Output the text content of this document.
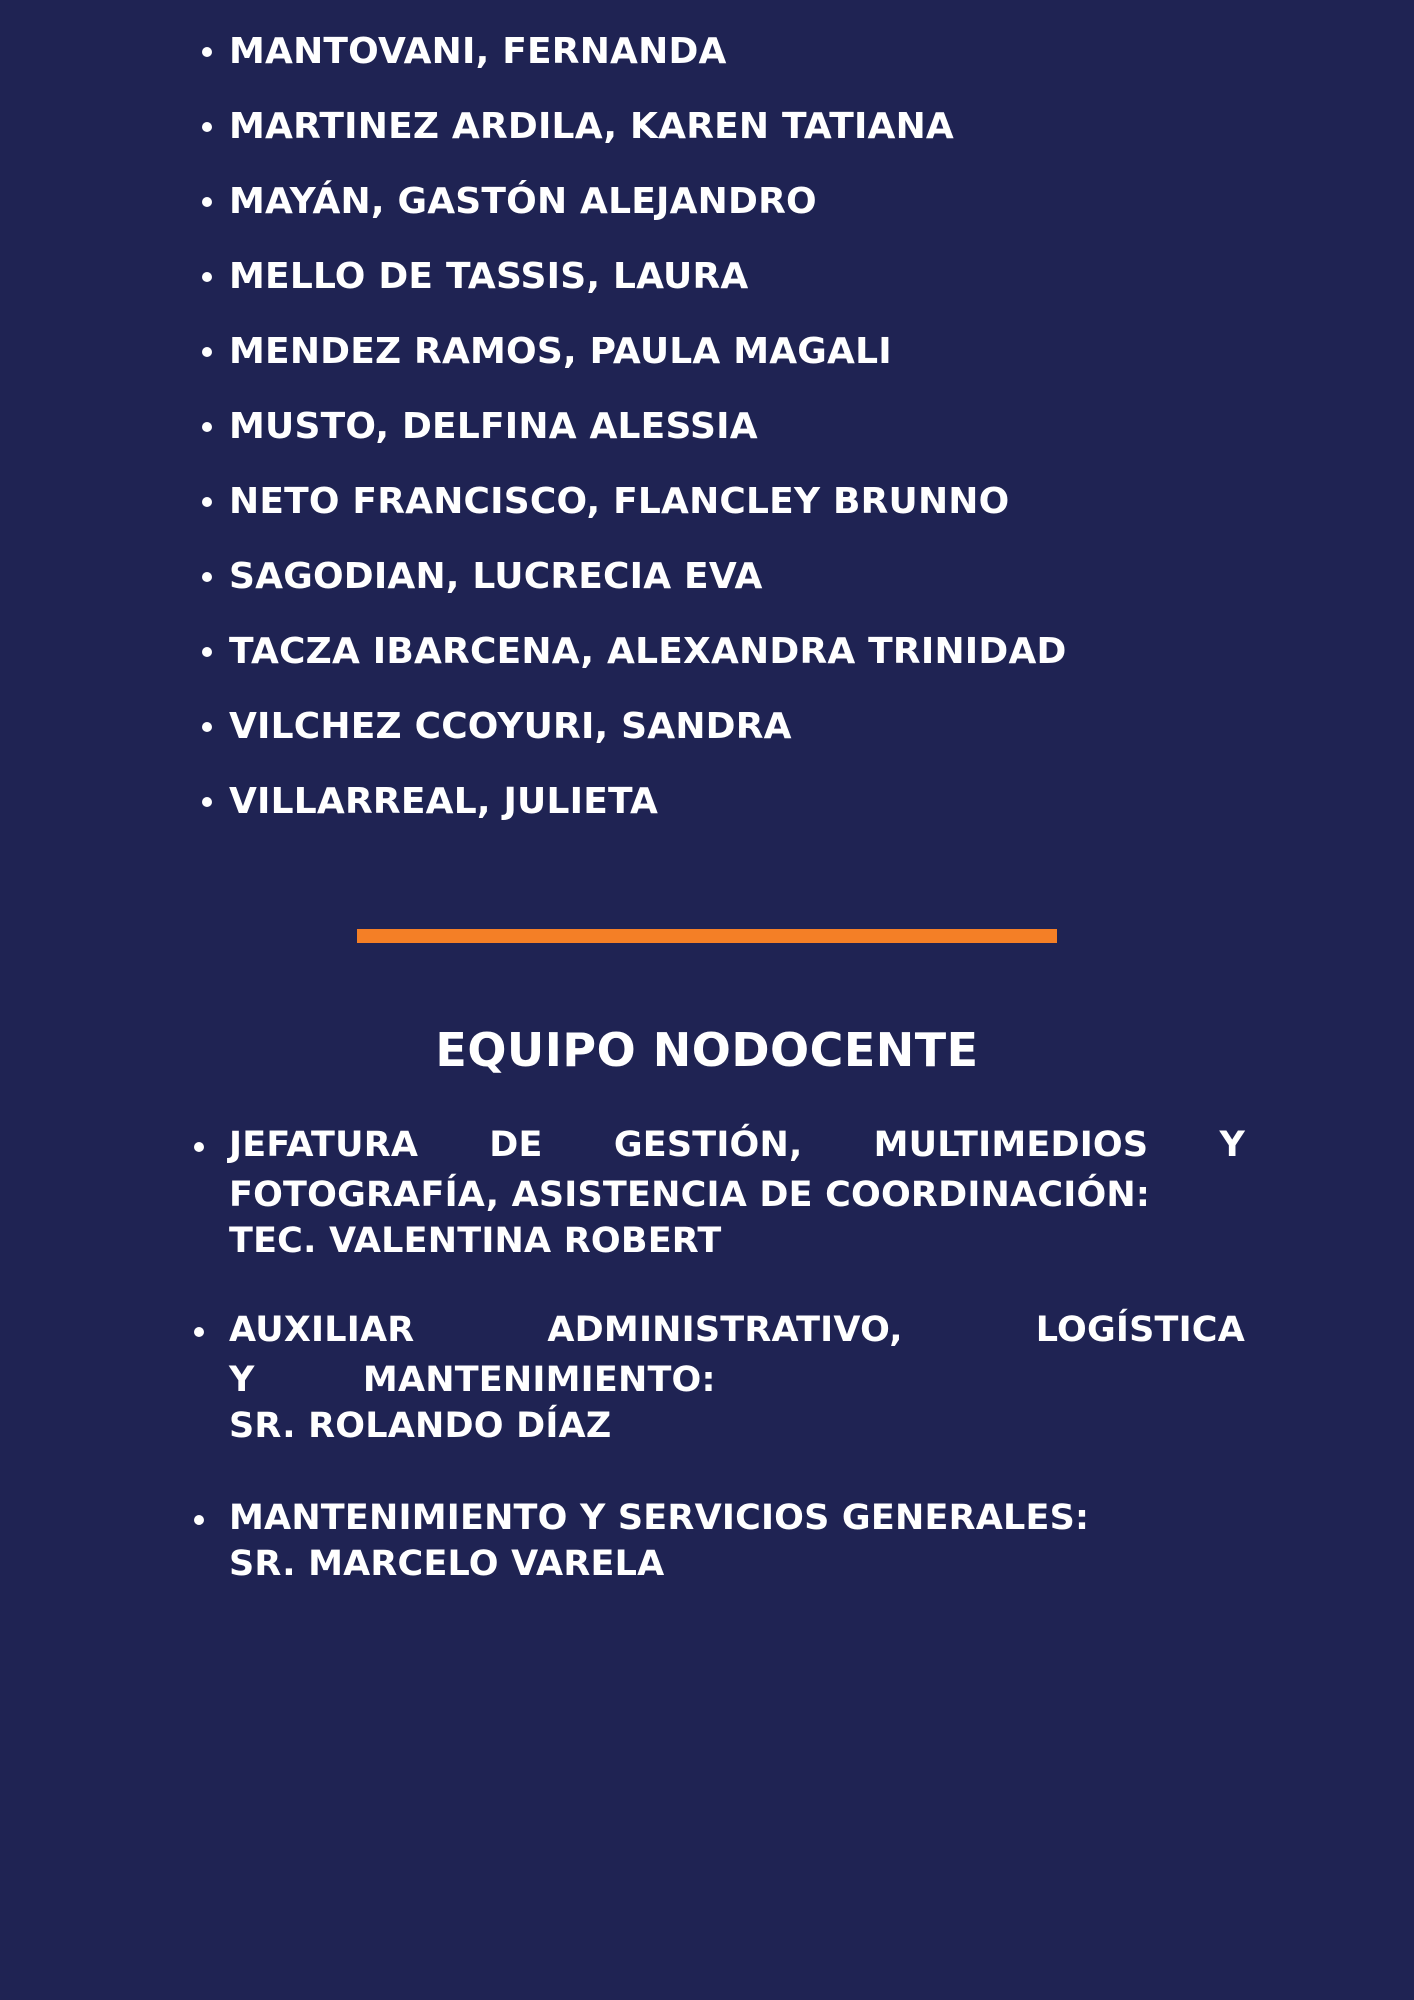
MANTOVANI, FERNANDA
MARTINEZ ARDILA, KAREN TATIANA
MAYÁN, GASTÓN ALEJANDRO
MELLO DE TASSIS, LAURA
MENDEZ RAMOS, PAULA MAGALI
MUSTO, DELFINA ALESSIA
NETO FRANCISCO, FLANCLEY BRUNNO
SAGODIAN, LUCRECIA EVA
TACZA IBARCENA, ALEXANDRA TRINIDAD
VILCHEZ CCOYURI, SANDRA
VILLARREAL, JULIETA
EQUIPO NODOCENTE
JEFATURA DE GESTIÓN, MULTIMEDIOS Y FOTOGRAFÍA, ASISTENCIA DE COORDINACIÓN:
TEC. VALENTINA ROBERT
AUXILIAR ADMINISTRATIVO, LOGÍSTICA Y MANTENIMIENTO:
SR. ROLANDO DÍAZ
MANTENIMIENTO Y SERVICIOS GENERALES:
SR. MARCELO VARELA
